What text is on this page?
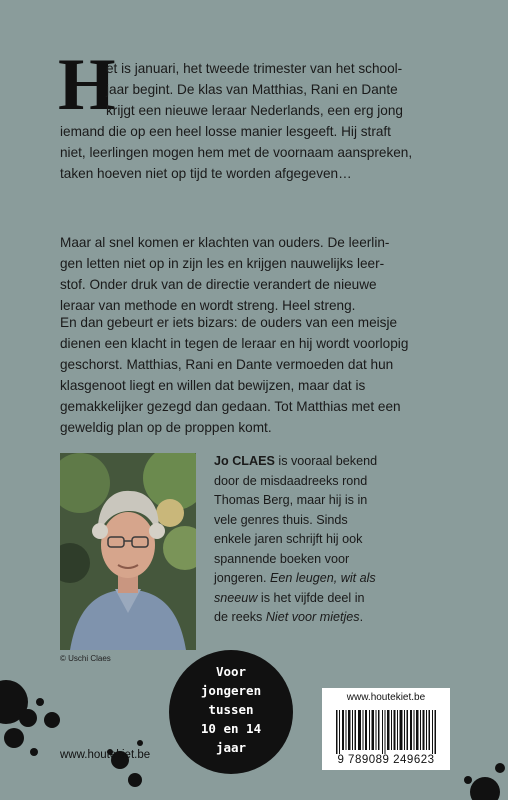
H

et is januari, het tweede trimester van het school-
jaar begint. De klas van Matthias, Rani en Dante
krijgt een nieuwe leraar Nederlands, een erg jong
iemand die op een heel losse manier lesgeeft. Hij straft
niet, leerlingen mogen hem met de voornaam aanspreken,
taken hoeven niet op tijd te worden afgegeven…

Maar al snel komen er klachten van ouders. De leerlin-
gen letten niet op in zijn les en krijgen nauwelijks leer-
stof. Onder druk van de directie verandert de nieuwe
leraar van methode en wordt streng. Heel streng.

En dan gebeurt er iets bizars: de ouders van een meisje
dienen een klacht in tegen de leraar en hij wordt voorlopig
geschorst. Matthias, Rani en Dante vermoeden dat hun
klasgenoot liegt en willen dat bewijzen, maar dat is
gemakkelijker gezegd dan gedaan. Tot Matthias met een
geweldig plan op de proppen komt.

© Uschi Claes

Jo CLAES is vooraal bekend
door de misdaadreeks rond
Thomas Berg, maar hij is in
vele genres thuis. Sinds
enkele jaren schrijft hij ook
spannende boeken voor
jongeren. Een leugen, wit als
sneeuw is het vijfde deel in
de reeks Niet voor mietjes.

Voor
jongeren
tussen
10 en 14
jaar
www.houtekiet.be
9 789089 249623
www.houtekiet.be
